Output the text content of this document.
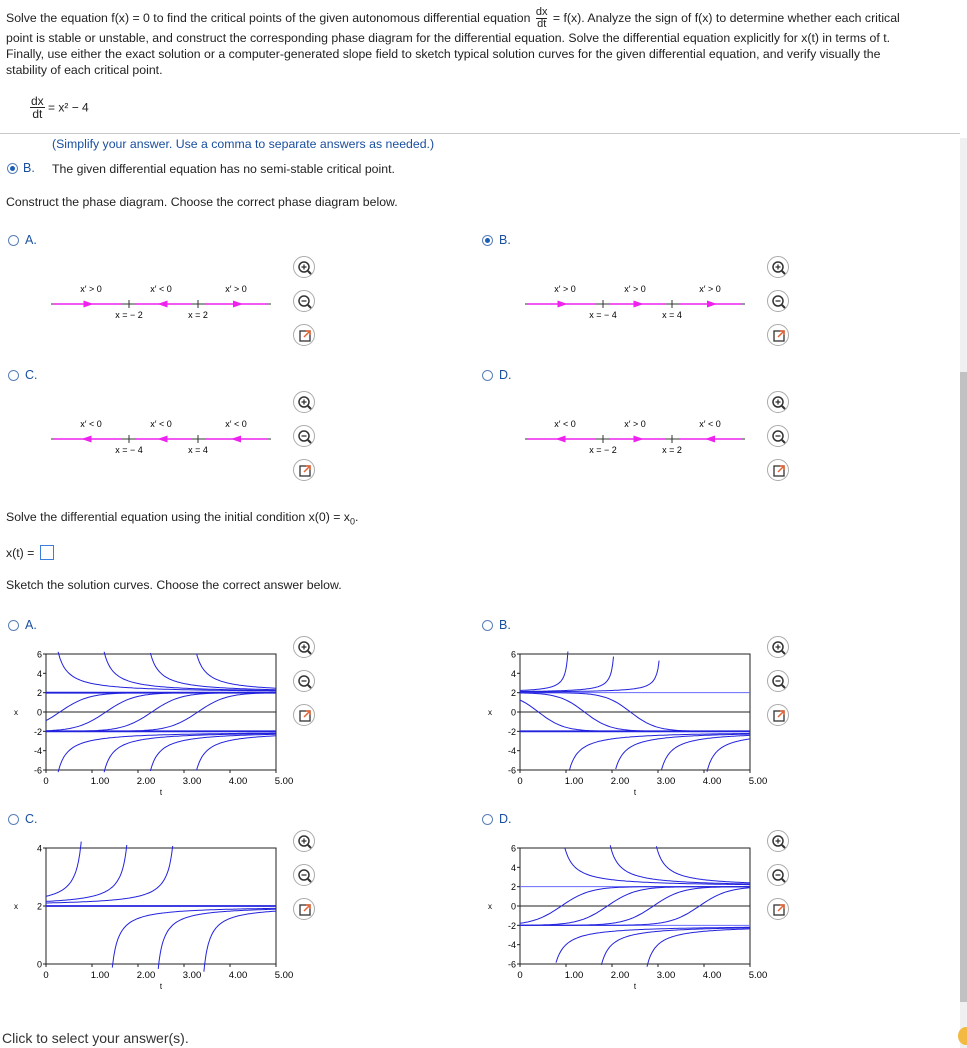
Solve the equation f(x) = 0 to find the critical points of the given autonomous differential equation $\frac{dx}{dt} = f(x)$. Analyze the sign of f(x) to determine whether each critical
point is stable or unstable, and construct the corresponding phase diagram for the differential equation. Solve the differential equation explicitly for x(t) in terms of t.
Finally, use either the exact solution or a computer-generated slope field to sketch typical solution curves for the given differential equation, and verify visually the
stability of each critical point.
$\frac{dx}{dt} = x^2 - 4$
(Simplify your answer. Use a comma to separate answers as needed.)
B. The given differential equation has no semi-stable critical point.
Construct the phase diagram. Choose the correct phase diagram below.
A.
x′ > 0	x′ < 0	x′ > 0
x = − 2	x = 2
B.
x′ > 0	x′ > 0	x′ > 0
x = − 4	x = 4
C.
x′ < 0	x′ < 0	x′ < 0
x = − 4	x = 4
D.
x′ < 0	x′ > 0	x′ < 0
x = − 2	x = 2
Solve the differential equation using the initial condition $x(0) = x_0$.
x(t) =
Sketch the solution curves. Choose the correct answer below.
A.
6
4
2
0
-2
-4
-6
0	1.00	2.00	3.00	4.00	5.00
t
x
B.
6
4
2
0
-2
-4
-6
0	1.00	2.00	3.00	4.00	5.00
t
x
C.
4
2
0
0	1.00	2.00	3.00	4.00	5.00
t
x
D.
6
4
2
0
-2
-4
-6
0	1.00	2.00	3.00	4.00	5.00
t
x
Click to select your answer(s).
